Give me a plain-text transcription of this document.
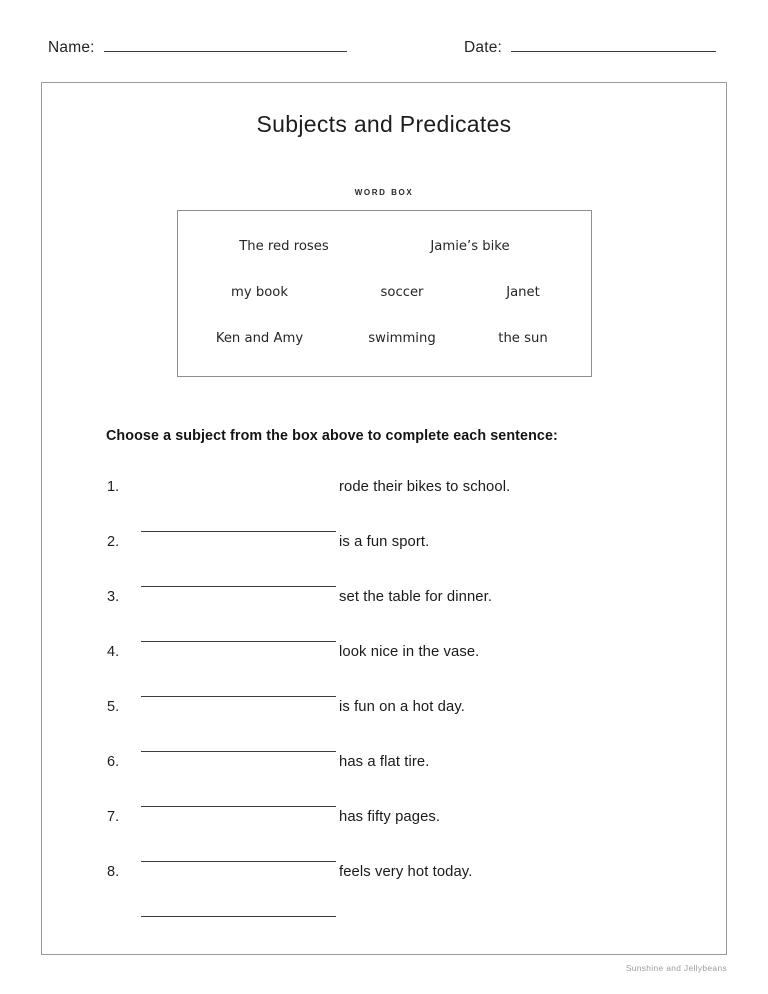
Name:	Date:
Subjects and Predicates
word box
The red roses	Jamie’s bike
my book	soccer	Janet
Ken and Amy	swimming	the sun
Choose a subject from the box above to complete each sentence:
1.	rode their bikes to school.
2.	is a fun sport.
3.	set the table for dinner.
4.	look nice in the vase.
5.	is fun on a hot day.
6.	has a flat tire.
7.	has fifty pages.
8.	feels very hot today.
Sunshine and Jellybeans
